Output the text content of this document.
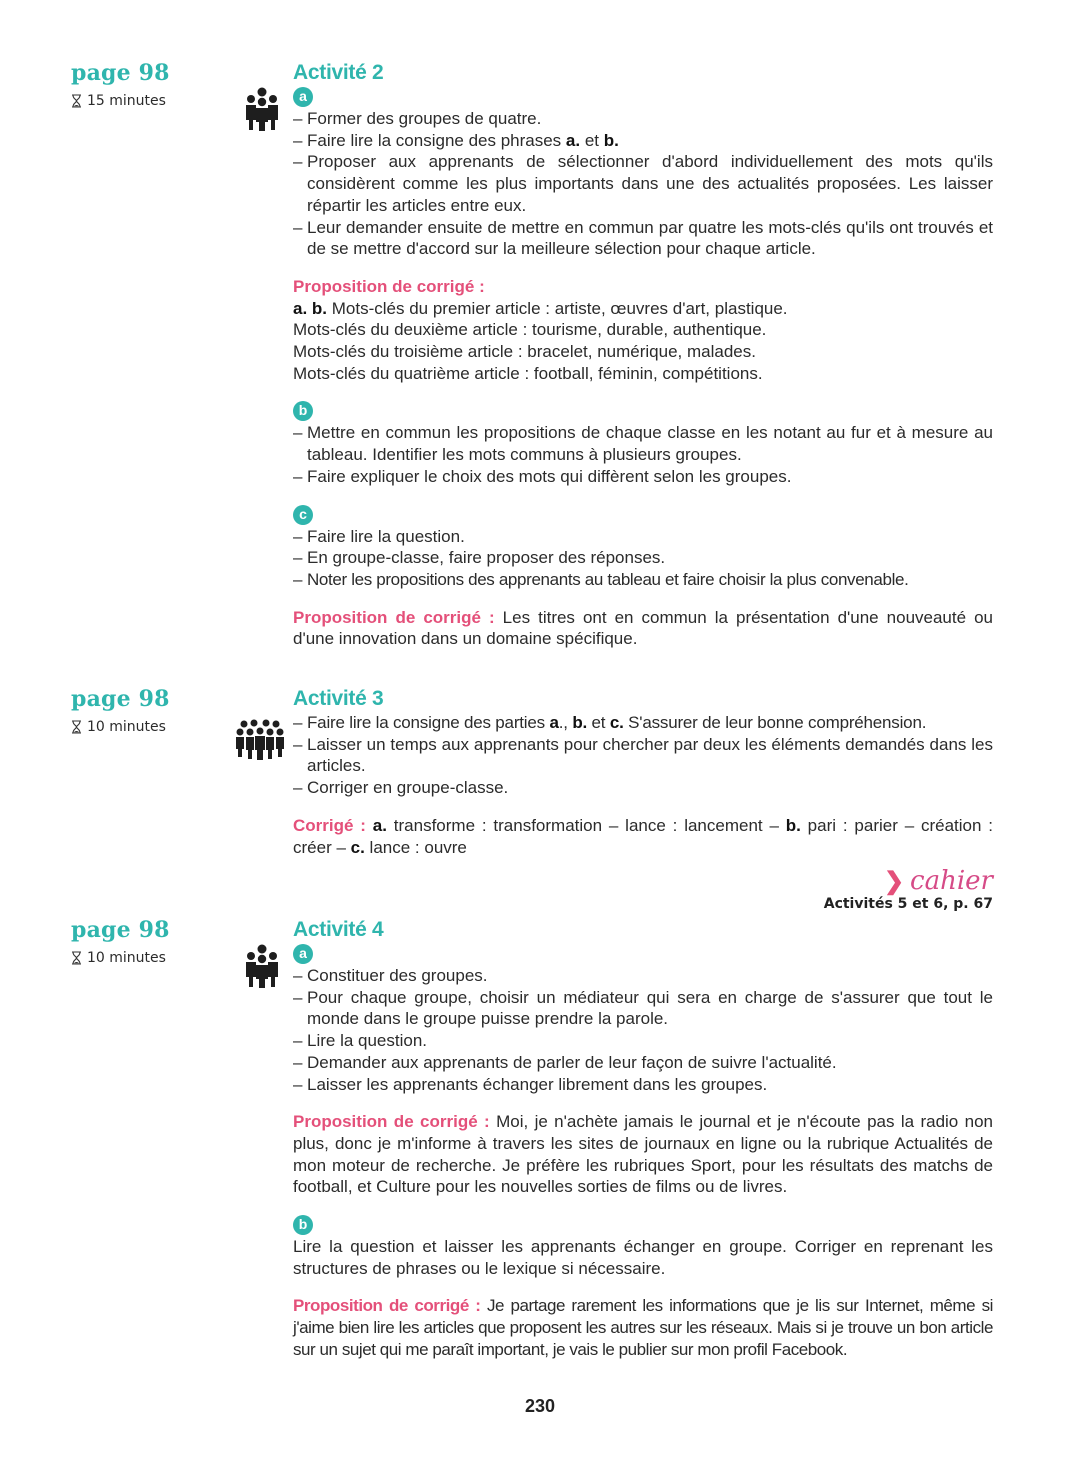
page 98
15 minutes
Activité 2
a
– Former des groupes de quatre.
– Faire lire la consigne des phrases a. et b.
– Proposer aux apprenants de sélectionner d'abord individuellement des mots qu'ils considèrent comme les plus importants dans une des actualités proposées. Les laisser répartir les articles entre eux.
– Leur demander ensuite de mettre en commun par quatre les mots-clés qu'ils ont trouvés et de se mettre d'accord sur la meilleure sélection pour chaque article.
Proposition de corrigé :
a. b. Mots-clés du premier article : artiste, œuvres d'art, plastique.
Mots-clés du deuxième article : tourisme, durable, authentique.
Mots-clés du troisième article : bracelet, numérique, malades.
Mots-clés du quatrième article : football, féminin, compétitions.
b
– Mettre en commun les propositions de chaque classe en les notant au fur et à mesure au tableau. Identifier les mots communs à plusieurs groupes.
– Faire expliquer le choix des mots qui diffèrent selon les groupes.
c
– Faire lire la question.
– En groupe-classe, faire proposer des réponses.
– Noter les propositions des apprenants au tableau et faire choisir la plus convenable.

Proposition de corrigé : Les titres ont en commun la présentation d'une nouveauté ou d'une innovation dans un domaine spécifique.

page 98
10 minutes
Activité 3
– Faire lire la consigne des parties a., b. et c. S'assurer de leur bonne compréhension.
– Laisser un temps aux apprenants pour chercher par deux les éléments demandés dans les articles.
– Corriger en groupe-classe.

Corrigé : a. transforme : transformation – lance : lancement – b. pari : parier – création : créer – c. lance : ouvre

❯ cahier
Activités 5 et 6, p. 67
page 98
10 minutes
Activité 4
a
– Constituer des groupes.
– Pour chaque groupe, choisir un médiateur qui sera en charge de s'assurer que tout le monde dans le groupe puisse prendre la parole.
– Lire la question.
– Demander aux apprenants de parler de leur façon de suivre l'actualité.
– Laisser les apprenants échanger librement dans les groupes.

Proposition de corrigé : Moi, je n'achète jamais le journal et je n'écoute pas la radio non plus, donc je m'informe à travers les sites de journaux en ligne ou la rubrique Actualités de mon moteur de recherche. Je préfère les rubriques Sport, pour les résultats des matchs de football, et Culture pour les nouvelles sorties de films ou de livres.

b

Lire la question et laisser les apprenants échanger en groupe. Corriger en reprenant les structures de phrases ou le lexique si nécessaire.

Proposition de corrigé : Je partage rarement les informations que je lis sur Internet, même si j'aime bien lire les articles que proposent les autres sur les réseaux. Mais si je trouve un bon article sur un sujet qui me paraît important, je vais le publier sur mon profil Facebook.

230
